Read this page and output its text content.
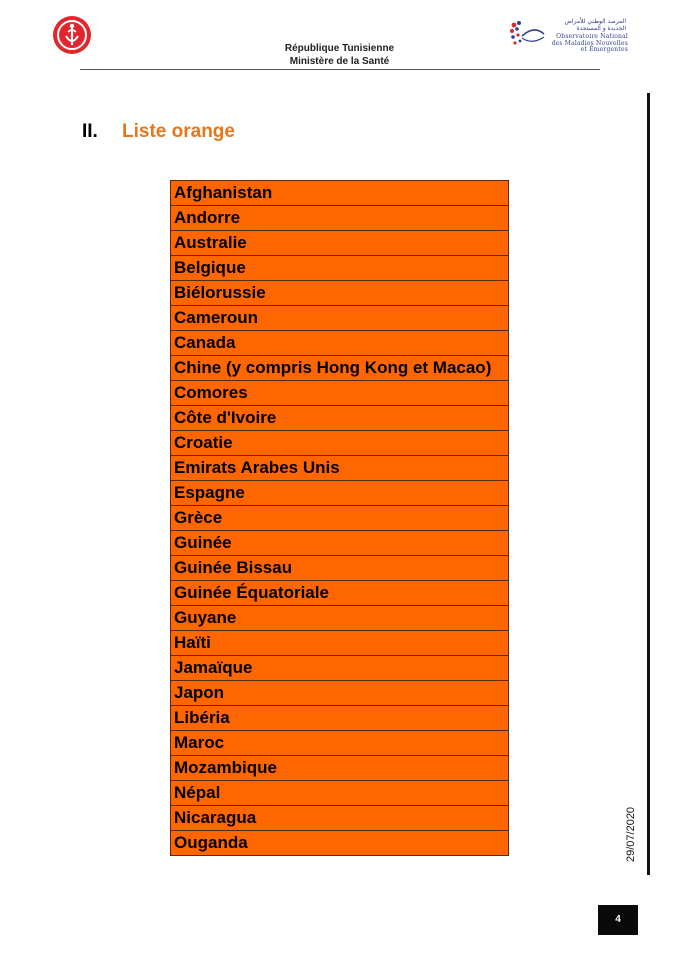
المرصد الوطني للأمراض الجديدة و المستجدة
Observatoire National des Maladies Nouvelles et Émergentes
République Tunisienne
Ministère de la Santé
II. Liste orange
Afghanistan
Andorre
Australie
Belgique
Biélorussie
Cameroun
Canada
Chine (y compris Hong Kong et Macao)
Comores
Côte d'Ivoire
Croatie
Emirats Arabes Unis
Espagne
Grèce
Guinée
Guinée Bissau
Guinée Équatoriale
Guyane
Haïti
Jamaïque
Japon
Libéria
Maroc
Mozambique
Népal
Nicaragua
Ouganda	29/07/2020
4
